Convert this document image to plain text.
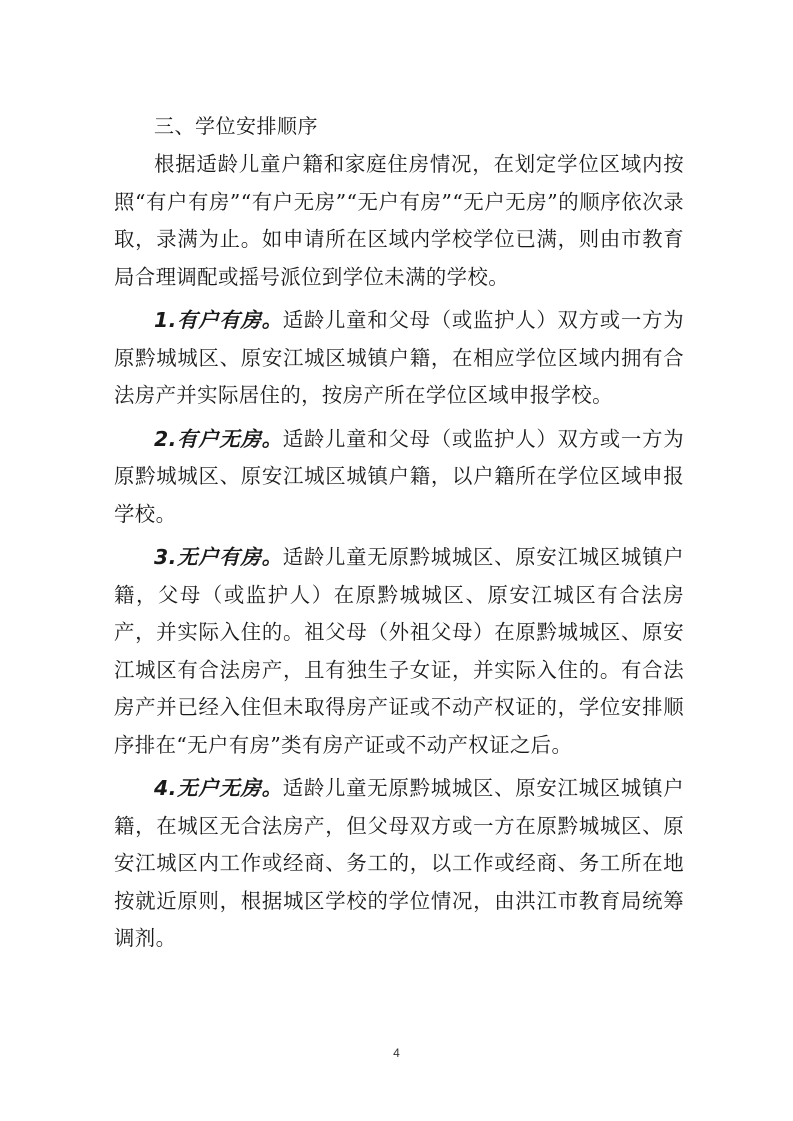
三、学位安排顺序

根据适龄儿童户籍和家庭住房情况，在划定学位区域内按照“有户有房”“有户无房”“无户有房”“无户无房”的顺序依次录取，录满为止。如申请所在区域内学校学位已满，则由市教育局合理调配或摇号派位到学位未满的学校。

1.有户有房。适龄儿童和父母（或监护人）双方或一方为原黔城城区、原安江城区城镇户籍，在相应学位区域内拥有合法房产并实际居住的，按房产所在学位区域申报学校。

2.有户无房。适龄儿童和父母（或监护人）双方或一方为原黔城城区、原安江城区城镇户籍，以户籍所在学位区域申报学校。

3.无户有房。适龄儿童无原黔城城区、原安江城区城镇户籍，父母（或监护人）在原黔城城区、原安江城区有合法房产，并实际入住的。祖父母（外祖父母）在原黔城城区、原安江城区有合法房产，且有独生子女证，并实际入住的。有合法房产并已经入住但未取得房产证或不动产权证的，学位安排顺序排在“无户有房”类有房产证或不动产权证之后。

4.无户无房。适龄儿童无原黔城城区、原安江城区城镇户籍，在城区无合法房产，但父母双方或一方在原黔城城区、原安江城区内工作或经商、务工的，以工作或经商、务工所在地按就近原则，根据城区学校的学位情况，由洪江市教育局统筹调剂。

4
